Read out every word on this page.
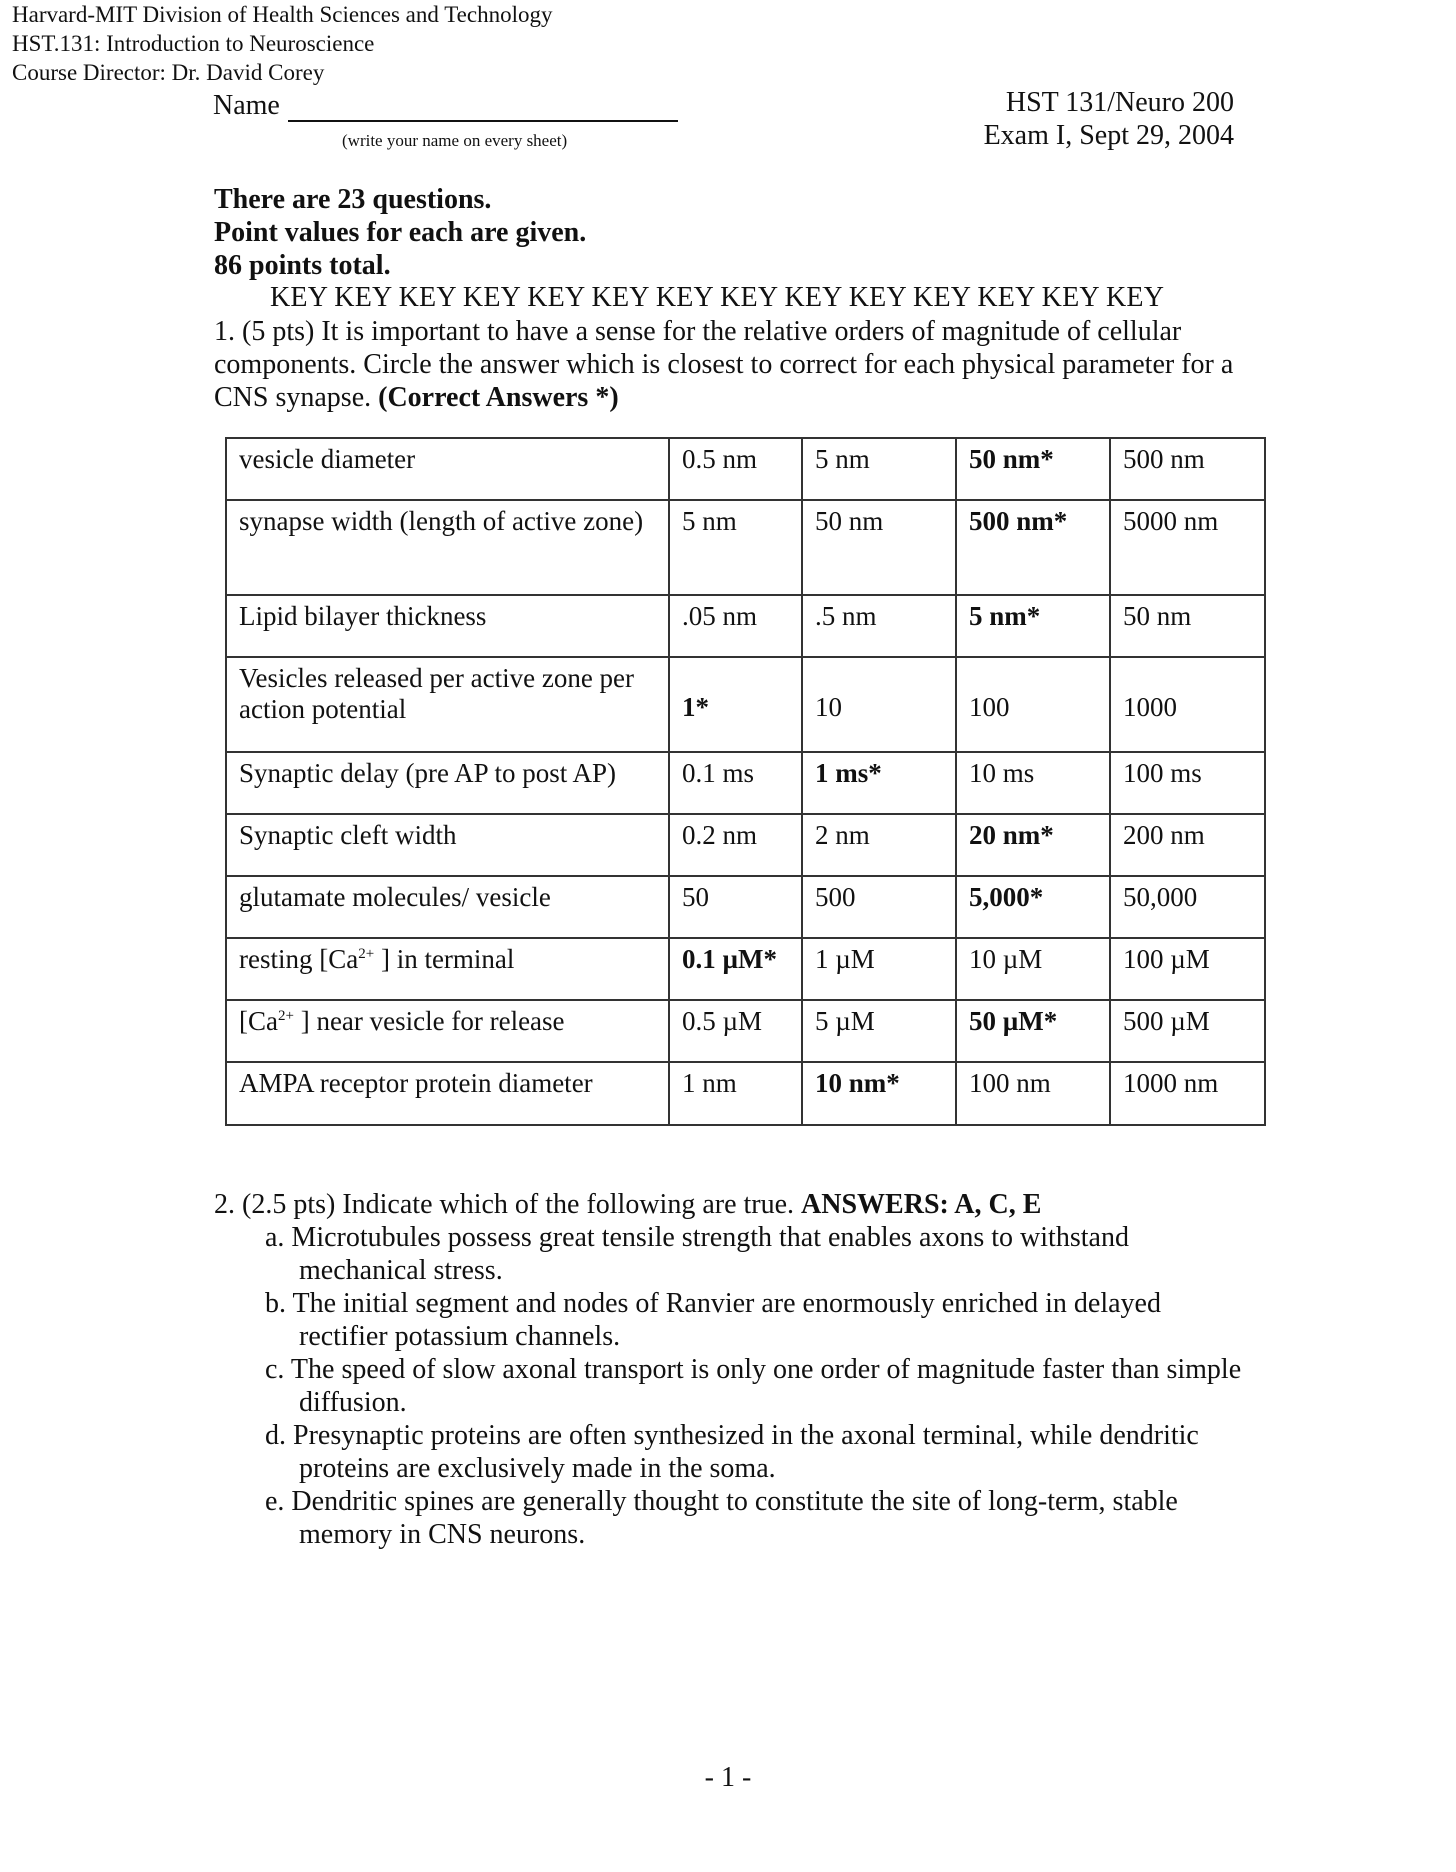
Harvard-MIT Division of Health Sciences and Technology
HST.131: Introduction to Neuroscience
Course Director: Dr. David Corey
Name
(write your name on every sheet)
HST 131/Neuro 200
Exam I, Sept 29, 2004
There are 23 questions.
Point values for each are given.
86 points total.
KEY KEY KEY KEY KEY KEY KEY KEY KEY KEY KEY KEY KEY KEY
1. (5 pts) It is important to have a sense for the relative orders of magnitude of cellular components. Circle the answer which is closest to correct for each physical parameter for a CNS synapse. (Correct Answers *)
vesicle diameter	0.5 nm	5 nm	50 nm*	500 nm
synapse width (length of active zone)	5 nm	50 nm	500 nm*	5000 nm
Lipid bilayer thickness	.05 nm	.5 nm	5 nm*	50 nm
Vesicles released per active zone per action potential	1*	10	100	1000
Synaptic delay (pre AP to post AP)	0.1 ms	1 ms*	10 ms	100 ms
Synaptic cleft width	0.2 nm	2 nm	20 nm*	200 nm
glutamate molecules/ vesicle	50	500	5,000*	50,000
resting [$Ca^{2+}$ ] in terminal	0.1 µM*	1 µM	10 µM	100 µM
[$Ca^{2+}$ ] near vesicle for release	0.5 µM	5 µM	50 µM*	500 µM
AMPA receptor protein diameter	1 nm	10 nm*	100 nm	1000 nm
2. (2.5 pts) Indicate which of the following are true. ANSWERS: A, C, E
a. Microtubules possess great tensile strength that enables axons to withstand mechanical stress.
b. The initial segment and nodes of Ranvier are enormously enriched in delayed rectifier potassium channels.
c. The speed of slow axonal transport is only one order of magnitude faster than simple diffusion.
d. Presynaptic proteins are often synthesized in the axonal terminal, while dendritic proteins are exclusively made in the soma.
e. Dendritic spines are generally thought to constitute the site of long-term, stable memory in CNS neurons.
- 1 -
